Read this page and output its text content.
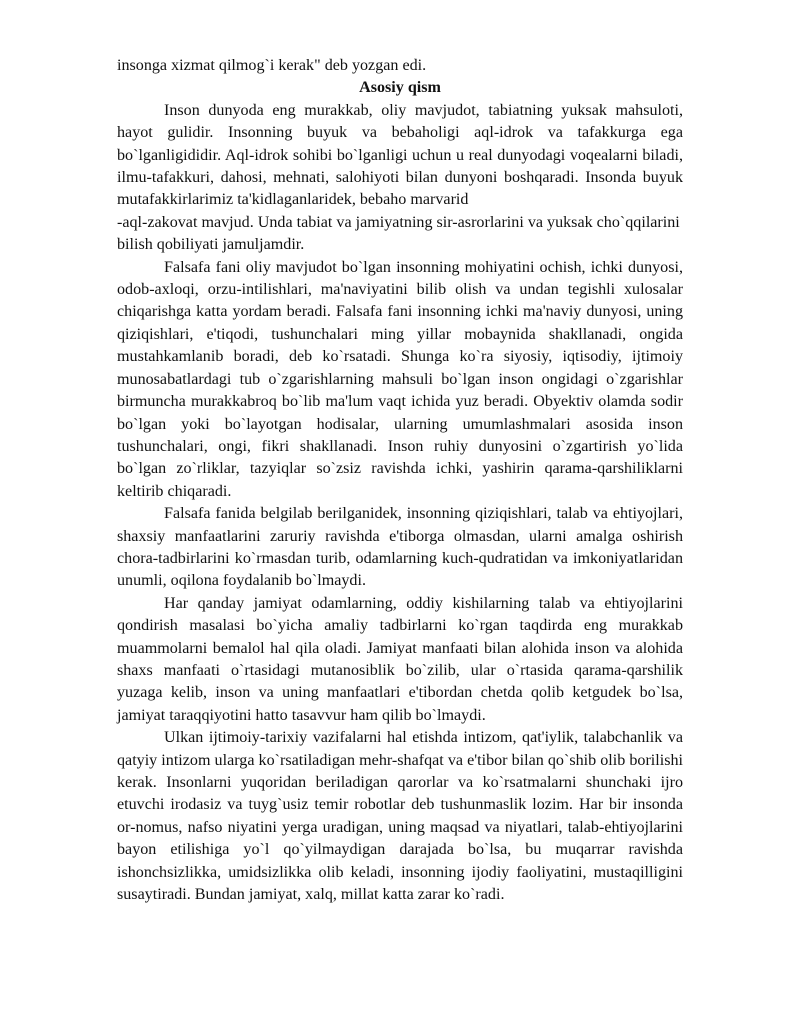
insonga xizmat qilmog`i kerak" deb yozgan edi.

Asosiy qism

Inson dunyoda eng murakkab, oliy mavjudot, tabiatning yuksak mahsuloti, hayot gulidir. Insonning buyuk va bebaholigi aql-idrok va tafakkurga ega bo`lganligididir. Aql-idrok sohibi bo`lganligi uchun u real dunyodagi voqealarni biladi, ilmu-tafakkuri, dahosi, mehnati, salohiyoti bilan dunyoni boshqaradi. Insonda buyuk mutafakkirlarimiz ta'kidlaganlaridek, bebaho marvarid

-aql-zakovat mavjud. Unda tabiat va jamiyatning sir-asrorlarini va yuksak cho`qqilarini bilish qobiliyati jamuljamdir.

Falsafa fani oliy mavjudot bo`lgan insonning mohiyatini ochish, ichki dunyosi, odob-axloqi, orzu-intilishlari, ma'naviyatini bilib olish va undan tegishli xulosalar chiqarishga katta yordam beradi. Falsafa fani insonning ichki ma'naviy dunyosi, uning qiziqishlari, e'tiqodi, tushunchalari ming yillar mobaynida shakllanadi, ongida mustahkamlanib boradi, deb ko`rsatadi. Shunga ko`ra siyosiy, iqtisodiy, ijtimoiy munosabatlardagi tub o`zgarishlarning mahsuli bo`lgan inson ongidagi o`zgarishlar birmuncha murakkabroq bo`lib ma'lum vaqt ichida yuz beradi. Obyektiv olamda sodir bo`lgan yoki bo`layotgan hodisalar, ularning umumlashmalari asosida inson tushunchalari, ongi, fikri shakllanadi. Inson ruhiy dunyosini o`zgartirish yo`lida bo`lgan zo`rliklar, tazyiqlar so`zsiz ravishda ichki, yashirin qarama-qarshiliklarni keltirib chiqaradi.

Falsafa fanida belgilab berilganidek, insonning qiziqishlari, talab va ehtiyojlari, shaxsiy manfaatlarini zaruriy ravishda e'tiborga olmasdan, ularni amalga oshirish chora-tadbirlarini ko`rmasdan turib, odamlarning kuch-qudratidan va imkoniyatlaridan unumli, oqilona foydalanib bo`lmaydi.

Har qanday jamiyat odamlarning, oddiy kishilarning talab va ehtiyojlarini qondirish masalasi bo`yicha amaliy tadbirlarni ko`rgan taqdirda eng murakkab muammolarni bemalol hal qila oladi. Jamiyat manfaati bilan alohida inson va alohida shaxs manfaati o`rtasidagi mutanosiblik bo`zilib, ular o`rtasida qarama-qarshilik yuzaga kelib, inson va uning manfaatlari e'tibordan chetda qolib ketgudek bo`lsa, jamiyat taraqqiyotini hatto tasavvur ham qilib bo`lmaydi.

Ulkan ijtimoiy-tarixiy vazifalarni hal etishda intizom, qat'iylik, talabchanlik va qatyiy intizom ularga ko`rsatiladigan mehr-shafqat va e'tibor bilan qo`shib olib borilishi kerak. Insonlarni yuqoridan beriladigan qarorlar va ko`rsatmalarni shunchaki ijro etuvchi irodasiz va tuyg`usiz temir robotlar deb tushunmaslik lozim. Har bir insonda or-nomus, nafso niyatini yerga uradigan, uning maqsad va niyatlari, talab-ehtiyojlarini bayon etilishiga yo`l qo`yilmaydigan darajada bo`lsa, bu muqarrar ravishda ishonchsizlikka, umidsizlikka olib keladi, insonning ijodiy faoliyatini, mustaqilligini susaytiradi. Bundan jamiyat, xalq, millat katta zarar ko`radi.
